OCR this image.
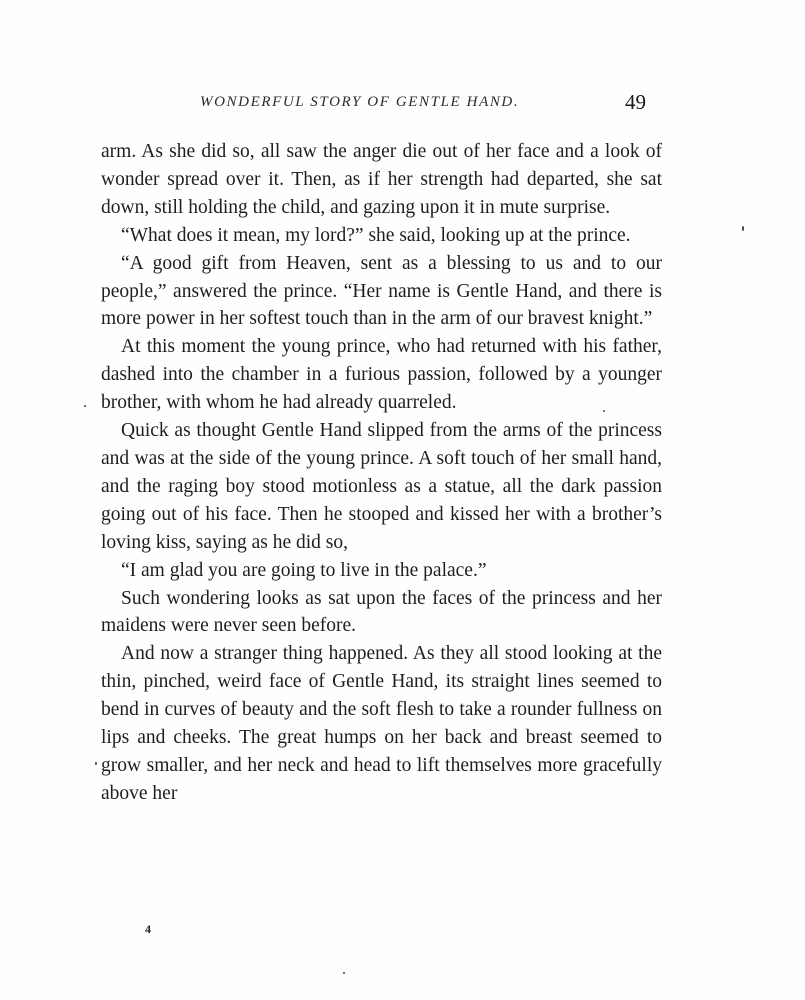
WONDERFUL STORY OF GENTLE HAND.	49

arm. As she did so, all saw the anger die out of her face and a look of wonder spread over it. Then, as if her strength had departed, she sat down, still holding the child, and gazing upon it in mute surprise.

“What does it mean, my lord?” she said, looking up at the prince.

“A good gift from Heaven, sent as a blessing to us and to our people,” answered the prince. “Her name is Gentle Hand, and there is more power in her softest touch than in the arm of our bravest knight.”

At this moment the young prince, who had returned with his father, dashed into the chamber in a furious passion, followed by a younger brother, with whom he had already quarreled.

Quick as thought Gentle Hand slipped from the arms of the princess and was at the side of the young prince. A soft touch of her small hand, and the raging boy stood motionless as a statue, all the dark passion going out of his face. Then he stooped and kissed her with a brother’s loving kiss, saying as he did so,

“I am glad you are going to live in the palace.”

Such wondering looks as sat upon the faces of the princess and her maidens were never seen before.

And now a stranger thing happened. As they all stood looking at the thin, pinched, weird face of Gentle Hand, its straight lines seemed to bend in curves of beauty and the soft flesh to take a rounder fullness on lips and cheeks. The great humps on her back and breast seemed to grow smaller, and her neck and head to lift themselves more gracefully above her

4
